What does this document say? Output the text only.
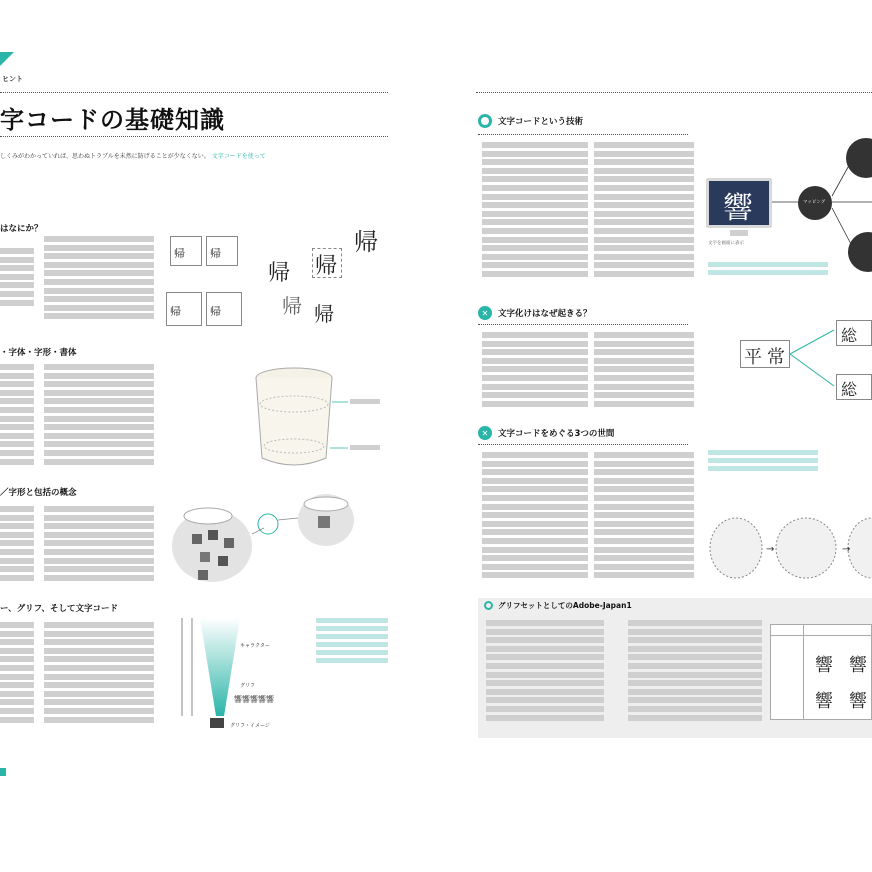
ヒント
字コードの基礎知識
しくみがわかっていれば、思わぬトラブルを未然に防げることが少なくない。 文字コードを使って
はなにか？
帰 帰
帰	帰
帰 帰
帰
帰 帰
・字体・字形・書体
／字形と包括の概念
ー、グリフ、そして文字コード
キャラクター
グリフ
響響響響響
グリフ・イメージ
文字コードという技術
響
文字を画面に表示
マッピング
✕	文字化けはなぜ起きる？
平 常
総
総
✕	文字コードをめぐる3つの世間
→	→
グリフセットとしてのAdobe-Japan1
響 響
響 響
